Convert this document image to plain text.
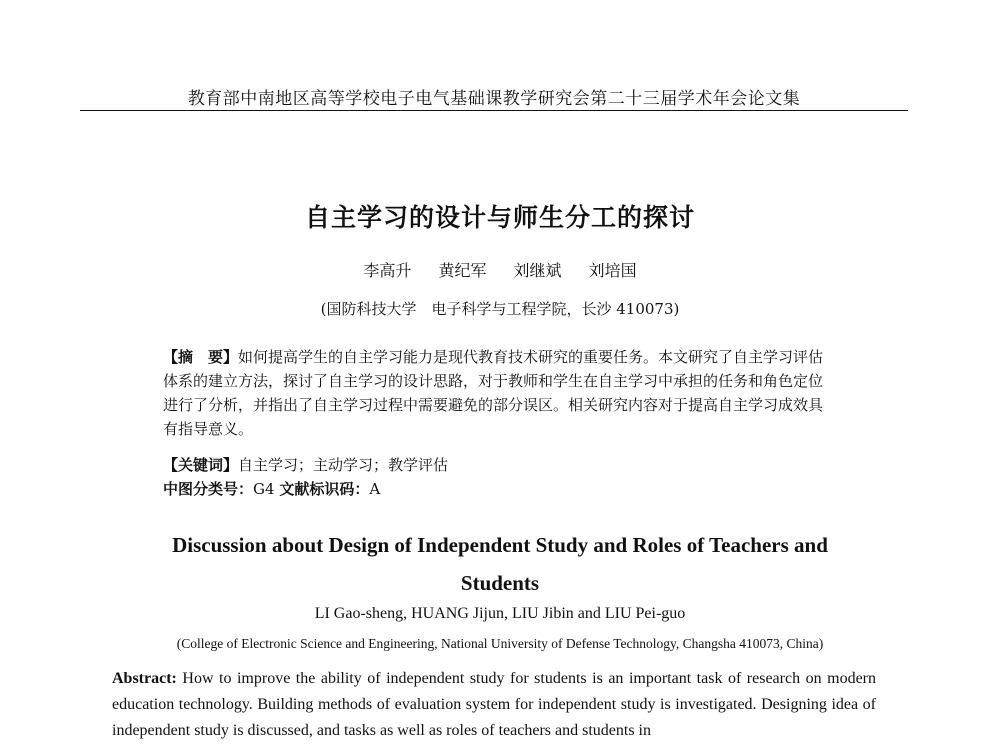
教育部中南地区高等学校电子电气基础课教学研究会第二十三届学术年会论文集
自主学习的设计与师生分工的探讨
李高升 黄纪军 刘继斌 刘培国
(国防科技大学　电子科学与工程学院，长沙 410073)

【摘　要】如何提高学生的自主学习能力是现代教育技术研究的重要任务。本文研究了自主学习评估体系的建立方法，探讨了自主学习的设计思路，对于教师和学生在自主学习中承担的任务和角色定位进行了分析，并指出了自主学习过程中需要避免的部分误区。相关研究内容对于提高自主学习成效具有指导意义。

【关键词】自主学习；主动学习；教学评估
中图分类号：G4 文献标识码：A
Discussion about Design of Independent Study and Roles of Teachers and Students
LI Gao-sheng, HUANG Jijun, LIU Jibin and LIU Pei-guo
(College of Electronic Science and Engineering, National University of Defense Technology, Changsha 410073, China)

Abstract: How to improve the ability of independent study for students is an important task of research on modern education technology. Building methods of evaluation system for independent study is investigated. Designing idea of independent study is discussed, and tasks as well as roles of teachers and students in
